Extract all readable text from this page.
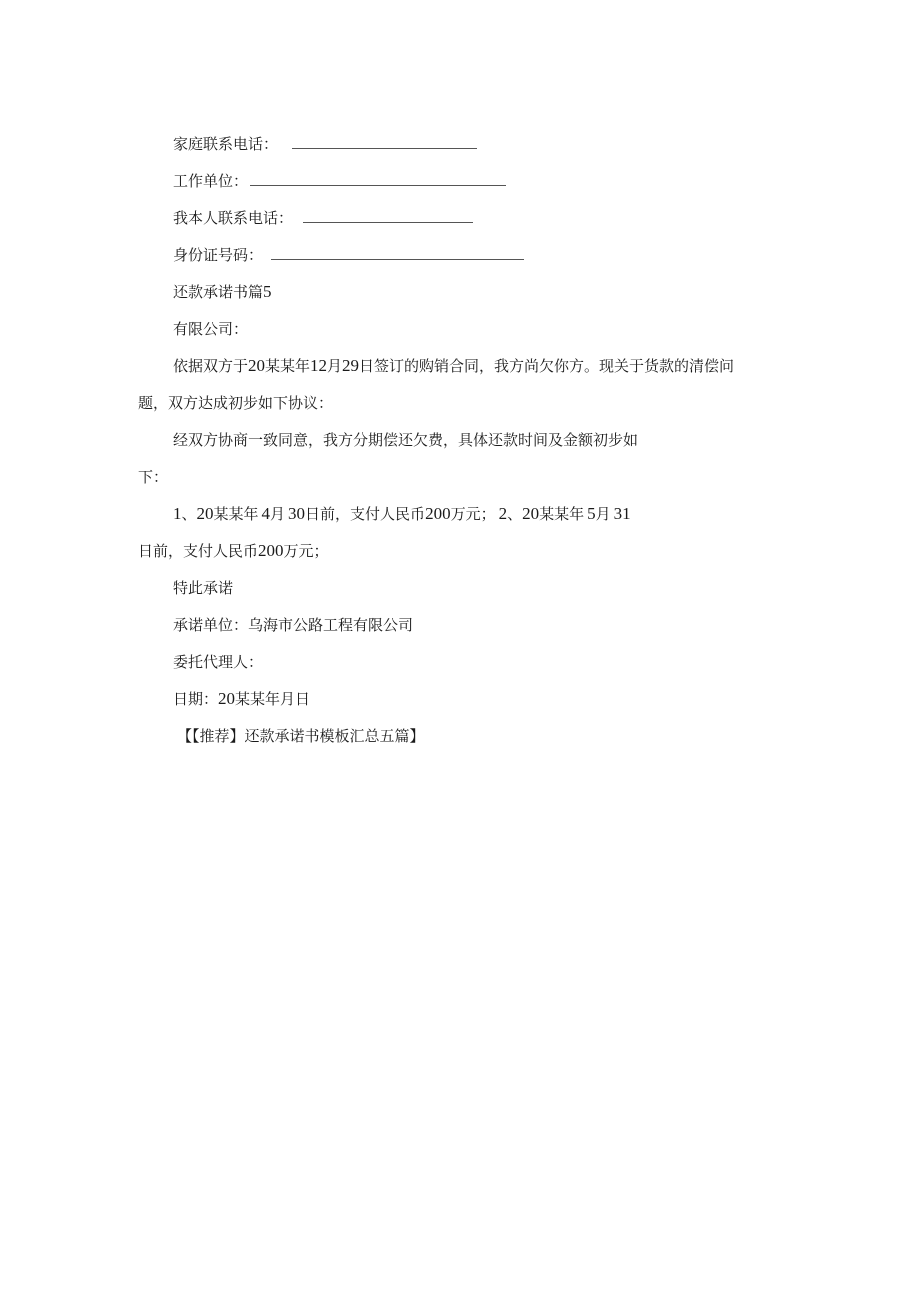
家庭联系电话：
工作单位：
我本人联系电话：
身份证号码：
还款承诺书篇5
有限公司：
依据双方于20某某年12月29日签订的购销合同，我方尚欠你方。现关于货款的清偿问
题，双方达成初步如下协议：
经双方协商一致同意，我方分期偿还欠费，具体还款时间及金额初步如
下：
1、20某某年 4月 30日前，支付人民币200万元； 2、20某某年 5月 31
日前，支付人民币200万元；
特此承诺
承诺单位：乌海市公路工程有限公司
委托代理人：
日期：20某某年月日
【【推荐】还款承诺书模板汇总五篇】
